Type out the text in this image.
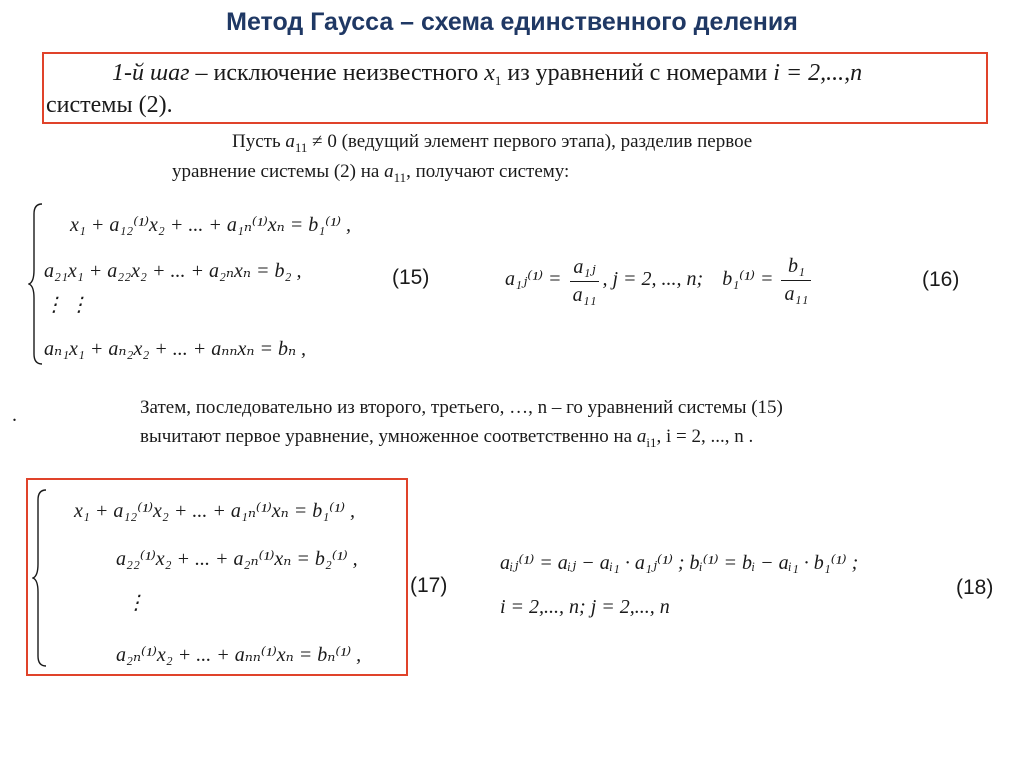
Метод Гаусса – схема единственного деления
1-й шаг – исключение неизвестного $x_1$ из уравнений с номерами i = 2,...,n
системы (2).
Пусть $a_{11} \ne 0$ (ведущий элемент первого этапа), разделив первое
уравнение системы (2) на $a_{11}$, получают систему:
x₁ + a₁₂⁽¹⁾x₂ + ... + a₁ₙ⁽¹⁾xₙ = b₁⁽¹⁾ ,
a₂₁x₁ + a₂₂x₂ + ... + a₂ₙxₙ = b₂ ,
⋮ ⋮
aₙ₁x₁ + aₙ₂x₂ + ... + aₙₙxₙ = bₙ ,
(15)	a₁ⱼ⁽¹⁾ = $\frac{\text{a₁ⱼ}}{\text{a₁₁}}$ , j = 2, ..., n; $b_1^{(1)} = \frac{\text{b₁}}{\text{a₁₁}}$	(16)
.	Затем, последовательно из второго, третьего, …, n – го уравнений системы (15)
вычитают первое уравнение, умноженное соответственно на $a_{i1}$, i = 2, ..., n .
x₁ + a₁₂⁽¹⁾x₂ + ... + a₁ₙ⁽¹⁾xₙ = b₁⁽¹⁾ ,
a₂₂⁽¹⁾x₂ + ... + a₂ₙ⁽¹⁾xₙ = b₂⁽¹⁾ ,
⋮
a₂ₙ⁽¹⁾x₂ + ... + aₙₙ⁽¹⁾xₙ = bₙ⁽¹⁾ ,
(17)
aᵢⱼ⁽¹⁾ = aᵢⱼ − aᵢ₁ · a₁ⱼ⁽¹⁾ ; bᵢ⁽¹⁾ = bᵢ − aᵢ₁ · b₁⁽¹⁾ ;
i = 2,..., n; j = 2,..., n
(18)
